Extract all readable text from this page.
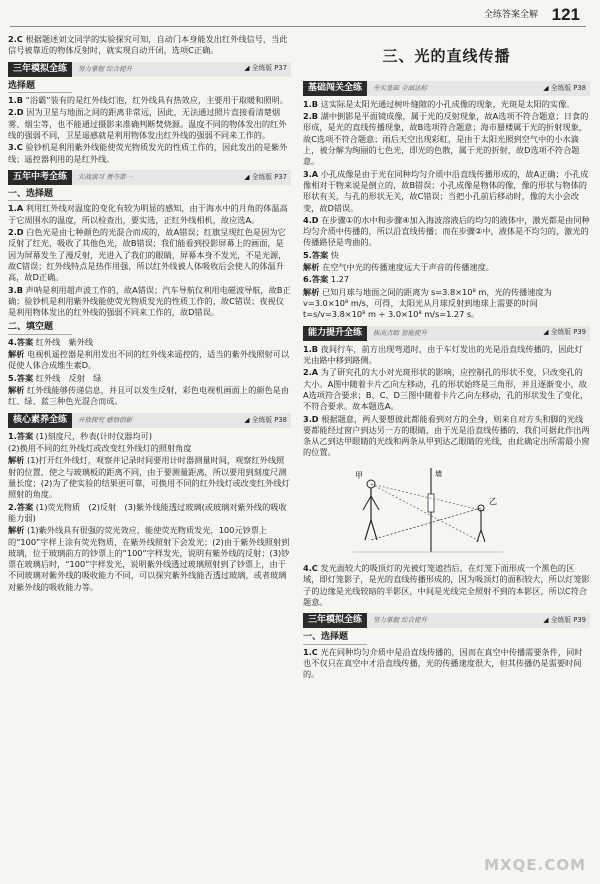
全练答案全解 121

2.C 根据题述刘文同学的实验探究可知，自动门本身能发出红外线信号，当此信号被靠近的物体反射时，就实现自动开闭，选项C正确。

三年模拟全练	努力掌握 综合提升	◢ 全练版 P37
选择题

1.B “浴霸”装有的是红外线灯泡，红外线具有热效应，主要用于取暖和照明。

2.D 因为卫星与地面之间的距离非常远，因此，无法通过照片直接看清楚烟雾、烟尘等，也不能通过摄影来准确判断焚烧源。温度不同的物体发出的红外线的强弱不同，卫星遥感就是利用物体发出红外线的强弱不同来工作的。

3.C 验钞机是利用紫外线能使荧光物质发光的性质工作的，因此发出的是紫外线；遥控器利用的是红外线。

五年中考全练	实战演习 勇夺第一	◢ 全练版 P37
一、选择题

1.A 利用红外线对温度的变化有较为明显的感知，由于海水中的月角的体温高于它周围水的温度，所以检查出，要实选，正红外线相机，故应选A。

2.D 白色光是由七种颜色的光混合而成的，故A错误；红旗呈现红色是因为它反射了红光，吸收了其他色光，故B错误；我们能看到投影屏幕上的画面，是因为屏幕发生了漫反射，光进入了我们的眼睛，屏幕本身不发光，不是光源，故C错误；红外线特点是热作用强，所以红外线被人体吸收后会使人的体温升高，故D正确。

3.B 声呐是利用超声波工作的，故A错误；汽车导航仪利用电磁波导航，故B正确；验钞机是利用紫外线能使荧光物质发光的性质工作的，故C错误；夜视仪是利用物体发出的红外线的强弱不同来工作的，故D错误。

二、填空题

4.答案 红外线　紫外线

解析 电视机遥控器是利用发出不同的红外线来遥控的，适当的紫外线照射可以促使人体合成维生素D。

5.答案 红外线　反射　绿

解析 红外线能够传递信息，并且可以发生反射，彩色电视机画面上的颜色是由红、绿、蓝三种色光混合而成。

核心素养全练	开放探究 感悟创新	◢ 全练版 P38

1.答案 (1)刻度尺，秒表(计时仪器均可)

(2)换用不同的红外线灯或改变红外线灯的照射角度

解析 (1)打开红外线灯，观察并记录时间要用计时器测量时间，观察红外线照射的位置，使之与玻璃板的距离不同，由于要测量距离，所以要用到刻度尺测量长度；(2)为了使实验的结果更可靠，可换用不同的红外线灯或改变红外线灯照射的角度。

2.答案 (1)荧光物质　(2)反射　(3)紫外线能透过玻璃(或玻璃对紫外线的吸收能力弱)

解析 (1)紫外线具有很强的荧光效应，能使荧光物质发光，100元钞票上的“100”字样上涂有荧光物质，在紫外线照射下会发光；(2)由于紫外线照射到玻璃，位于玻璃前方的钞票上的“100”字样发光，说明有紫外线的反射；(3)钞票在玻璃后时，“100”字样发光，说明紫外线透过玻璃照射到了钞票上，由于不同玻璃对紫外线的吸收能力不同，可以探究紫外线能否透过玻璃，或者玻璃对紫外线的吸收能力等。

三、光的直线传播
基础闯关全练	夯实基础 全面达标	◢ 全练版 P38

1.B 这实际是太阳光通过树叶缝隙的小孔成像的现象，光斑是太阳的实像。

2.B 湖中倒影是平面镜成像，属于光的反射现象，故A选项不符合题意；日食的形成，是光的直线传播现象，故B选项符合题意；海市蜃楼属于光的折射现象，故C选项不符合题意；雨后天空出现彩虹，是由于太阳光照到空气中的小水滴上，被分解为绚丽的七色光，即光的色散，属于光的折射，故D选项不符合题意。

3.A 小孔成像是由于光在同种均匀介质中沿直线传播形成的，故A正确；小孔成像相对于物来说是倒立的，故B错误；小孔成像是物体的像，像的形状与物体的形状有关，与孔的形状无关，故C错误；当把小孔前后移动时，像的大小会改变，故D错误。

4.D 在步骤①的水中和步骤④加入海波溶液后的均匀的液体中，激光都是由同种均匀介质中传播的，所以沿直线传播；而在步骤②中，液体是不均匀的，激光的传播路径是弯曲的。

5.答案 快

解析 在空气中光的传播速度远大于声音的传播速度。

6.答案 1.27

解析 已知月球与地面之间的距离为 s=3.8×10⁸ m，光的传播速度为 v=3.0×10⁸ m/s，可得，太阳光从月球反射到地球上需要的时间 t=s/v=3.8×10⁸ m ÷ 3.0×10⁸ m/s=1.27 s。

能力提升全练	拔高点睛 智能提升	◢ 全练版 P39

1.B 夜间行车，前方出现弯道时，由于车灯发出的光是沿直线传播的，因此灯光由路中移到路侧。

2.A 为了研究孔的大小对光斑形状的影响，应控制孔的形状不变，只改变孔的大小。A图中随着卡片乙向左移动，孔的形状始终是三角形，并且逐渐变小，故A选项符合要求；B、C、D三图中随着卡片乙向左移动，孔的形状发生了变化，不符合要求。故本题选A。

3.D 根据题意，两人要想彼此都能看到对方的全身，则来自对方头和脚的光线要都能经过窗户到达另一方的眼睛，由于光是沿直线传播的，我们可据此作出两条从乙到达甲眼睛的光线和两条从甲到达乙眼睛的光线，由此确定出所需最小窗的位置。

墙
甲
乙

4.C 发光面较大的吸顶灯的光被灯笼遮挡后，在灯笼下面形成一个黑色的区域，即灯笼影子，是光的直线传播形成的，因为吸顶灯的面积较大，所以灯笼影子的边缘是光线较暗的半影区，中间是光线完全照射不到的本影区，所以C符合题意。

三年模拟全练	努力掌握 综合提升	◢ 全练版 P39
一、选择题

1.C 光在同种均匀介质中是沿直线传播的，因而在真空中传播需要条件，同时也不仅只在真空中才沿直线传播，光的传播速度很大，但其传播仍是需要时间的。

MXQE.COM
